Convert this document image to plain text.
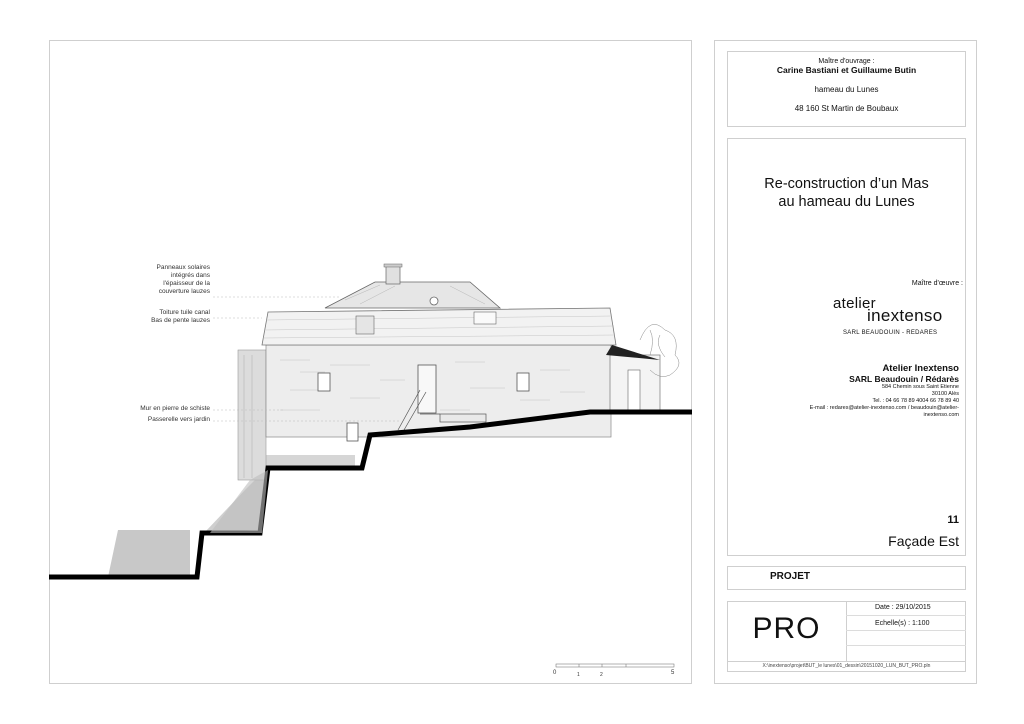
Panneaux solaires
intégrés dans
l'épaisseur de la
couverture lauzes
Toiture tuile canal
Bas de pente lauzes
Mur en pierre de schiste
Passerelle vers jardin
0	1	2	5
Maître d'ouvrage :
Carine Bastiani et Guillaume Butin
hameau du Lunes
48 160 St Martin de Boubaux
Re-construction d’un Mas
au hameau du Lunes
Maître d'œuvre :
atelier
inextenso
SARL BEAUDOUIN - REDARES
Atelier Inextenso
SARL Beaudouin / Rédarès
584 Chemin sous Saint Etienne
30100 Alès
Tel. : 04 66 78 89 4004 66 78 89 40
E-mail : redares@atelier-inextenso.com / beaudouin@atelier-
inextenso.com
11
Façade Est
PROJET
PRO
Date : 29/10/2015
Echelle(s) : 1:100
X:\inextenso\projet\BUT_le lunes\01_dessin\20151020_LUN_BUT_PRO.pln
